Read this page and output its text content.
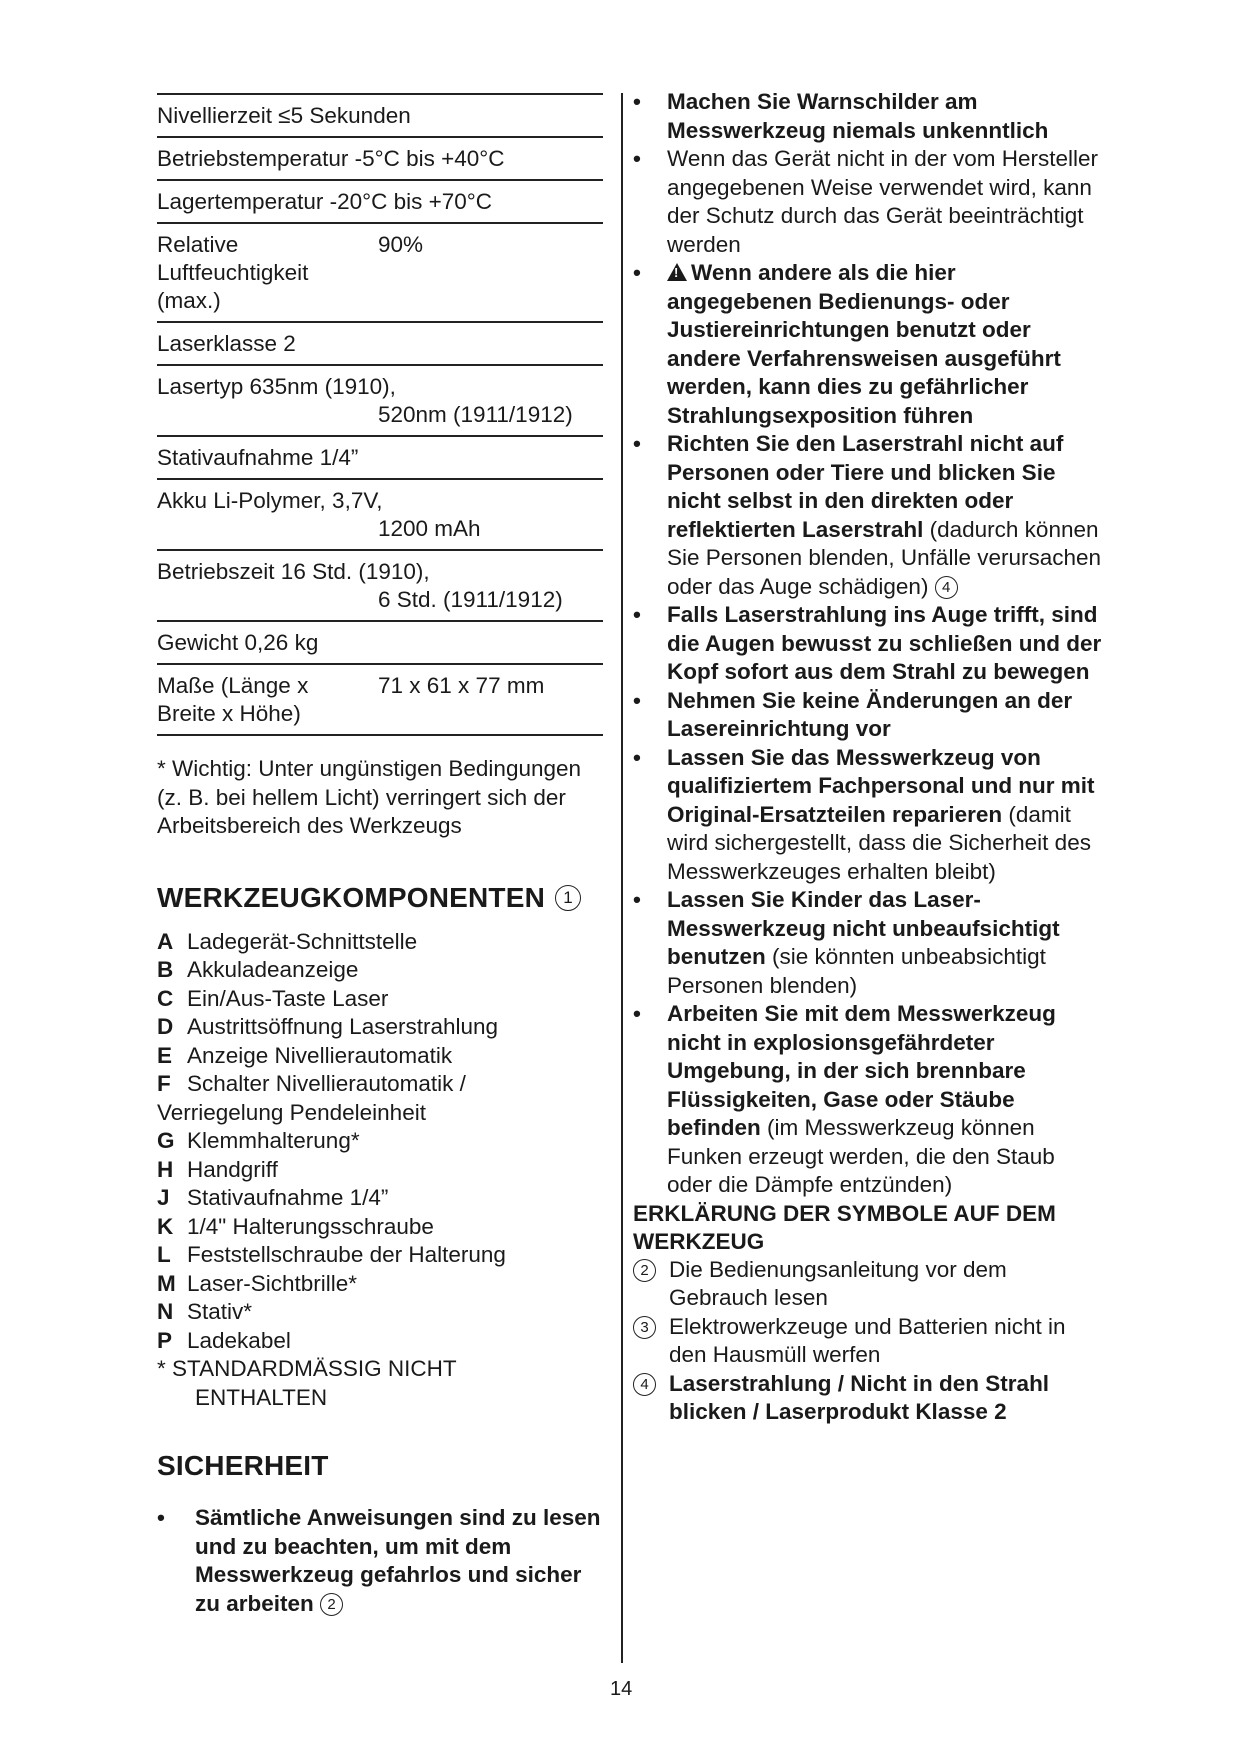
Nivellierzeit ≤5 Sekunden
Betriebstemperatur -5°C bis +40°C
Lagertemperatur -20°C bis +70°C
Relative Luftfeuchtigkeit (max.)
90%
Laserklasse 2
Lasertyp 635nm (1910),
520nm (1911/1912)
Stativaufnahme 1/4”
Akku Li-Polymer, 3,7V,
1200 mAh
Betriebszeit 16 Std. (1910),
6 Std. (1911/1912)
Gewicht 0,26 kg
Maße (Länge x Breite x Höhe)
71 x 61 x 77 mm
* Wichtig: Unter ungünstigen Bedingungen (z. B. bei hellem Licht) verringert sich der Arbeitsbereich des Werkzeugs
WERKZEUGKOMPONENTEN	1
A Ladegerät-Schnittstelle
B Akkuladeanzeige
C Ein/Aus-Taste Laser
D Austrittsöffnung Laserstrahlung
E Anzeige Nivellierautomatik
F Schalter Nivellierautomatik /
Verriegelung Pendeleinheit
G Klemmhalterung*
H Handgriff
J Stativaufnahme 1/4”
K 1/4" Halterungsschraube
L Feststellschraube der Halterung
M Laser-Sichtbrille*
N Stativ*
P Ladekabel
* STANDARDMÄSSIG NICHT ENTHALTEN
SICHERHEIT
•	Sämtliche Anweisungen sind zu lesen und zu beachten, um mit dem Messwerkzeug gefahrlos und sicher zu arbeiten 2
•	Machen Sie Warnschilder am Messwerkzeug niemals unkenntlich
•	Wenn das Gerät nicht in der vom Hersteller angegebenen Weise verwendet wird, kann der Schutz durch das Gerät beeinträchtigt werden
•
!	Wenn andere als die hier angegebenen Bedienungs- oder Justiereinrichtungen benutzt oder andere Verfahrensweisen ausgeführt werden, kann dies zu gefährlicher Strahlungsexposition führen
•	Richten Sie den Laserstrahl nicht auf Personen oder Tiere und blicken Sie nicht selbst in den direkten oder reflektierten Laserstrahl (dadurch können Sie Personen blenden, Unfälle verursachen oder das Auge schädigen) 4
•	Falls Laserstrahlung ins Auge trifft, sind die Augen bewusst zu schließen und der Kopf sofort aus dem Strahl zu bewegen
•	Nehmen Sie keine Änderungen an der Lasereinrichtung vor
•	Lassen Sie das Messwerkzeug von qualifiziertem Fachpersonal und nur mit Original-Ersatzteilen reparieren (damit wird sichergestellt, dass die Sicherheit des Messwerkzeuges erhalten bleibt)
•	Lassen Sie Kinder das Laser-Messwerkzeug nicht unbeaufsichtigt benutzen (sie könnten unbeabsichtigt Personen blenden)
•	Arbeiten Sie mit dem Messwerkzeug nicht in explosionsgefährdeter Umgebung, in der sich brennbare Flüssigkeiten, Gase oder Stäube befinden (im Messwerkzeug können Funken erzeugt werden, die den Staub oder die Dämpfe entzünden)
ERKLÄRUNG DER SYMBOLE AUF DEM WERKZEUG
2 Die Bedienungsanleitung vor dem Gebrauch lesen
3 Elektrowerkzeuge und Batterien nicht in den Hausmüll werfen
4 Laserstrahlung / Nicht in den Strahl blicken / Laserprodukt Klasse 2
14
